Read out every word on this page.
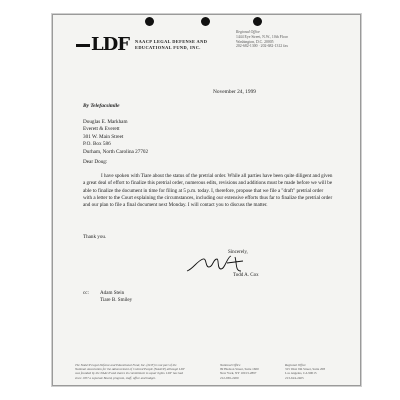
LDF NAACP LEGAL DEFENSE AND
EDUCATIONAL FUND, INC.
Regional Office
1444 Eye Street, N.W., 10th Floor
Washington, D.C. 20005
202-682-1300 · 202-682-1312 fax
November 24, 1999
By Telefacsimile
Douglas E. Markham
Everett & Everett
301 W. Main Street
P.O. Box 586
Durham, North Carolina 27702
Dear Doug:
I have spoken with Tiare about the status of the pretrial order. While all parties have been quite diligent and given a great deal of effort to finalize this pretrial order, numerous edits, revisions and additions must be made before we will be able to finalize the document in time for filing at 5 p.m. today. I, therefore, propose that we file a "draft" pretrial order with a letter to the Court explaining the circumstances, including our extensive efforts thus far to finalize the pretrial order and our plan to file a final document next Monday. I will contact you to discuss the matter.
Thank you.
Sincerely,
Todd A. Cox
cc: Adam Stein
Tiare B. Smiley
The NAACP Legal Defense and Educational Fund, Inc. (LDF) is not part of the National Association for the Advancement of Colored People (NAACP) although LDF was founded by the NAACP and shares its commitment to equal rights. LDF has had since 1957 a separate Board, program, staff, office and budget.
National Office
99 Hudson Street, Suite 1600
New York, NY 10013-2897
212-965-2200
Regional Office
315 West 9th Street, Suite 208
Los Angeles, CA 90015
213-624-2405
